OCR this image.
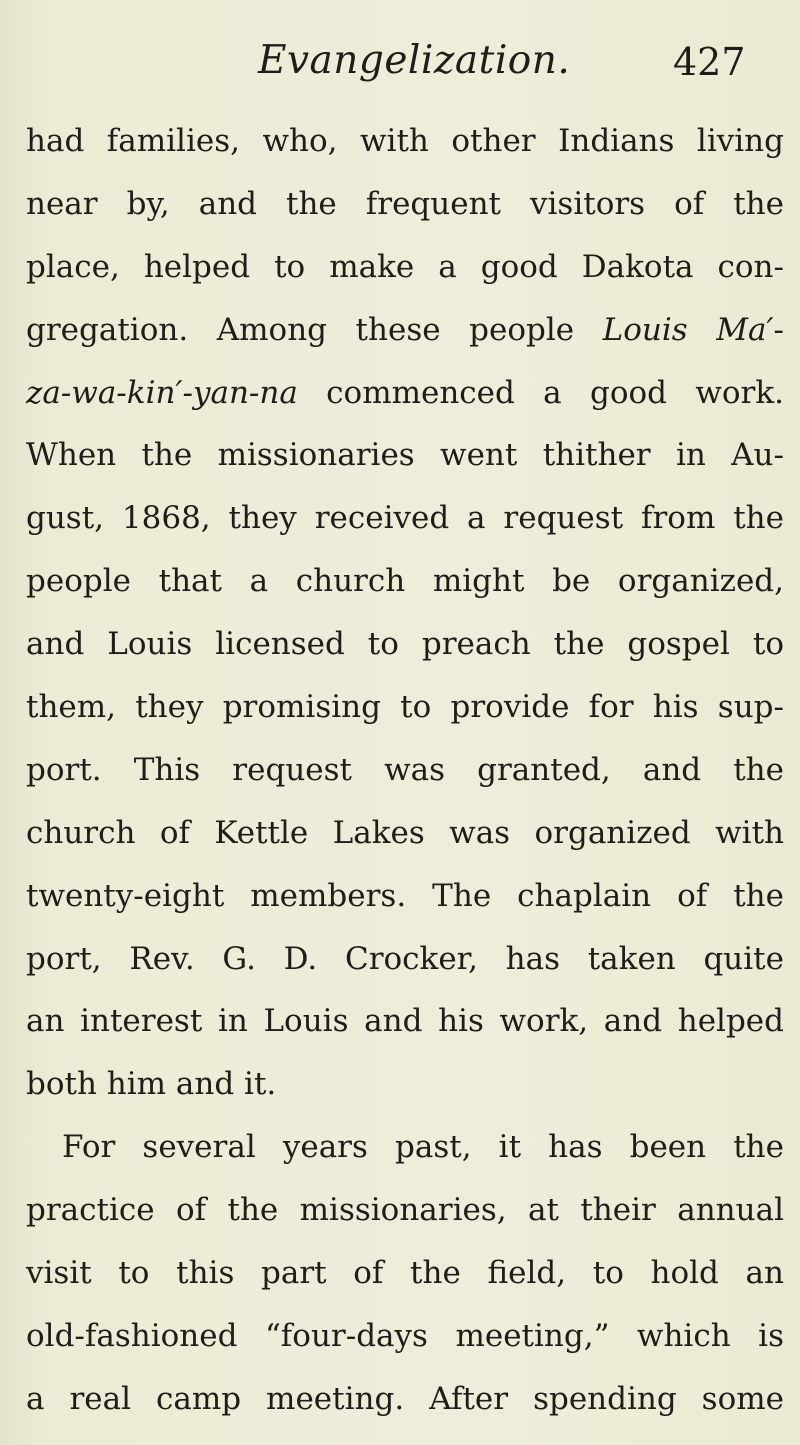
Evangelization.	427
had families, who, with other Indians living
near by, and the frequent visitors of the
place, helped to make a good Dakota con-
gregation. Among these people Louis Ma′-
za-wa-kin′-yan-na commenced a good work.
When the missionaries went thither in Au-
gust, 1868, they received a request from the
people that a church might be organized,
and Louis licensed to preach the gospel to
them, they promising to provide for his sup-
port. This request was granted, and the
church of Kettle Lakes was organized with
twenty-eight members. The chaplain of the
port, Rev. G. D. Crocker, has taken quite
an interest in Louis and his work, and helped
both him and it.
For several years past, it has been the
practice of the missionaries, at their annual
visit to this part of the field, to hold an
old-fashioned “four-days meeting,” which is
a real camp meeting. After spending some
